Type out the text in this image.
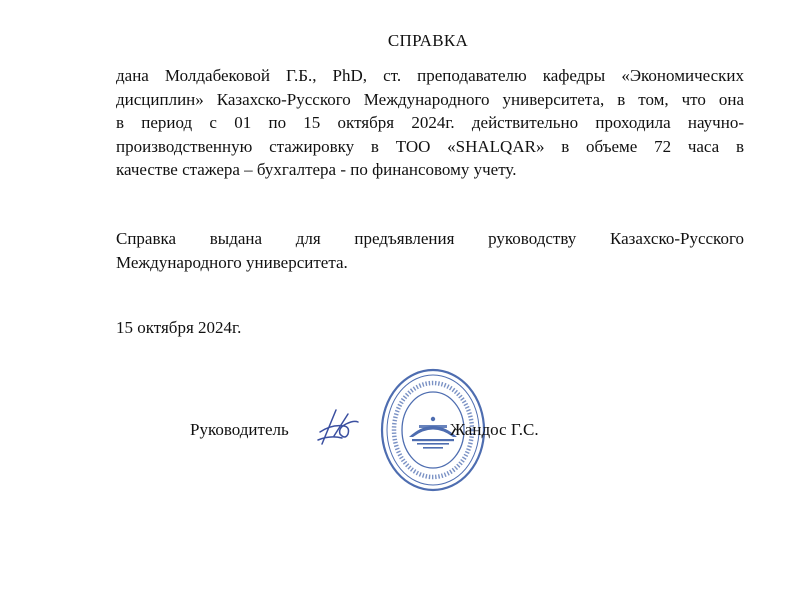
СПРАВКА
дана Молдабековой Г.Б., PhD, ст. преподавателю кафедры «Экономических
дисциплин» Казахско-Русского Международного университета, в том, что она
в период с 01 по 15 октября 2024г. действительно проходила научно-
производственную стажировку в ТОО «SHALQAR» в объеме 72 часа в
качестве стажера – бухгалтера - по финансовому учету.
Справка выдана для предъявления руководству Казахско-Русского
Международного университета.
15 октября 2024г.
Руководитель	Жандос Г.С.
